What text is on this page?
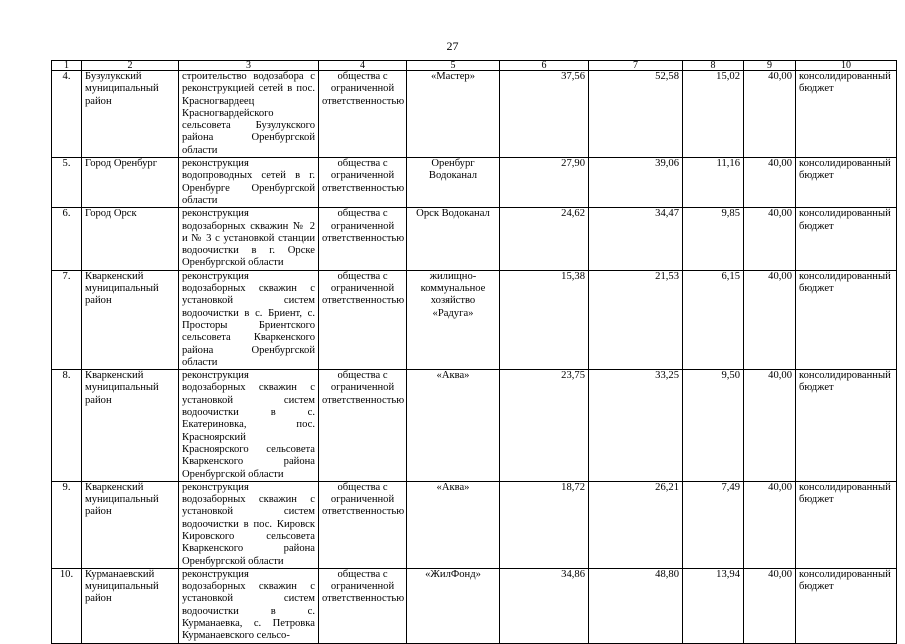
27
1	2	3	4	5	6	7	8	9	10
4.	Бузулукский муниципальный район	строительство водозабора с реконструкцией сетей в пос. Красногвардеец Красногвардейского сельсовета Бузулукского района Оренбургской области	общества с ограниченной ответственностью	«Мастер»	37,56	52,58	15,02	40,00	консолидированный бюджет
5.	Город Оренбург	реконструкция водопроводных сетей в г. Оренбурге Оренбургской области	общества с ограниченной ответственностью	Оренбург Водоканал	27,90	39,06	11,16	40,00	консолидированный бюджет
6.	Город Орск	реконструкция водозаборных скважин № 2 и № 3 с установкой станции водоочистки в г. Орске Оренбургской области	общества с ограниченной ответственностью	Орск Водоканал	24,62	34,47	9,85	40,00	консолидированный бюджет
7.	Кваркенский муниципальный район	реконструкция водозаборных скважин с установкой систем водоочистки в с. Бриент, с. Просторы Бриентского сельсовета Кваркенского района Оренбургской области	общества с ограниченной ответственностью	жилищно-коммунальное хозяйство «Радуга»	15,38	21,53	6,15	40,00	консолидированный бюджет
8.	Кваркенский муниципальный район	реконструкция водозаборных скважин с установкой систем водоочистки в с. Екатериновка, пос. Красноярский Красноярского сельсовета Кваркенского района Оренбургской области	общества с ограниченной ответственностью	«Аква»	23,75	33,25	9,50	40,00	консолидированный бюджет
9.	Кваркенский муниципальный район	реконструкция водозаборных скважин с установкой систем водоочистки в пос. Кировск Кировского сельсовета Кваркенского района Оренбургской области	общества с ограниченной ответственностью	«Аква»	18,72	26,21	7,49	40,00	консолидированный бюджет
10.	Курманаевский муниципальный район	реконструкция водозаборных скважин с установкой систем водоочистки в с. Курманаевка, с. Петровка Курманаевского сельсо-	общества с ограниченной ответственностью	«ЖилФонд»	34,86	48,80	13,94	40,00	консолидированный бюджет
